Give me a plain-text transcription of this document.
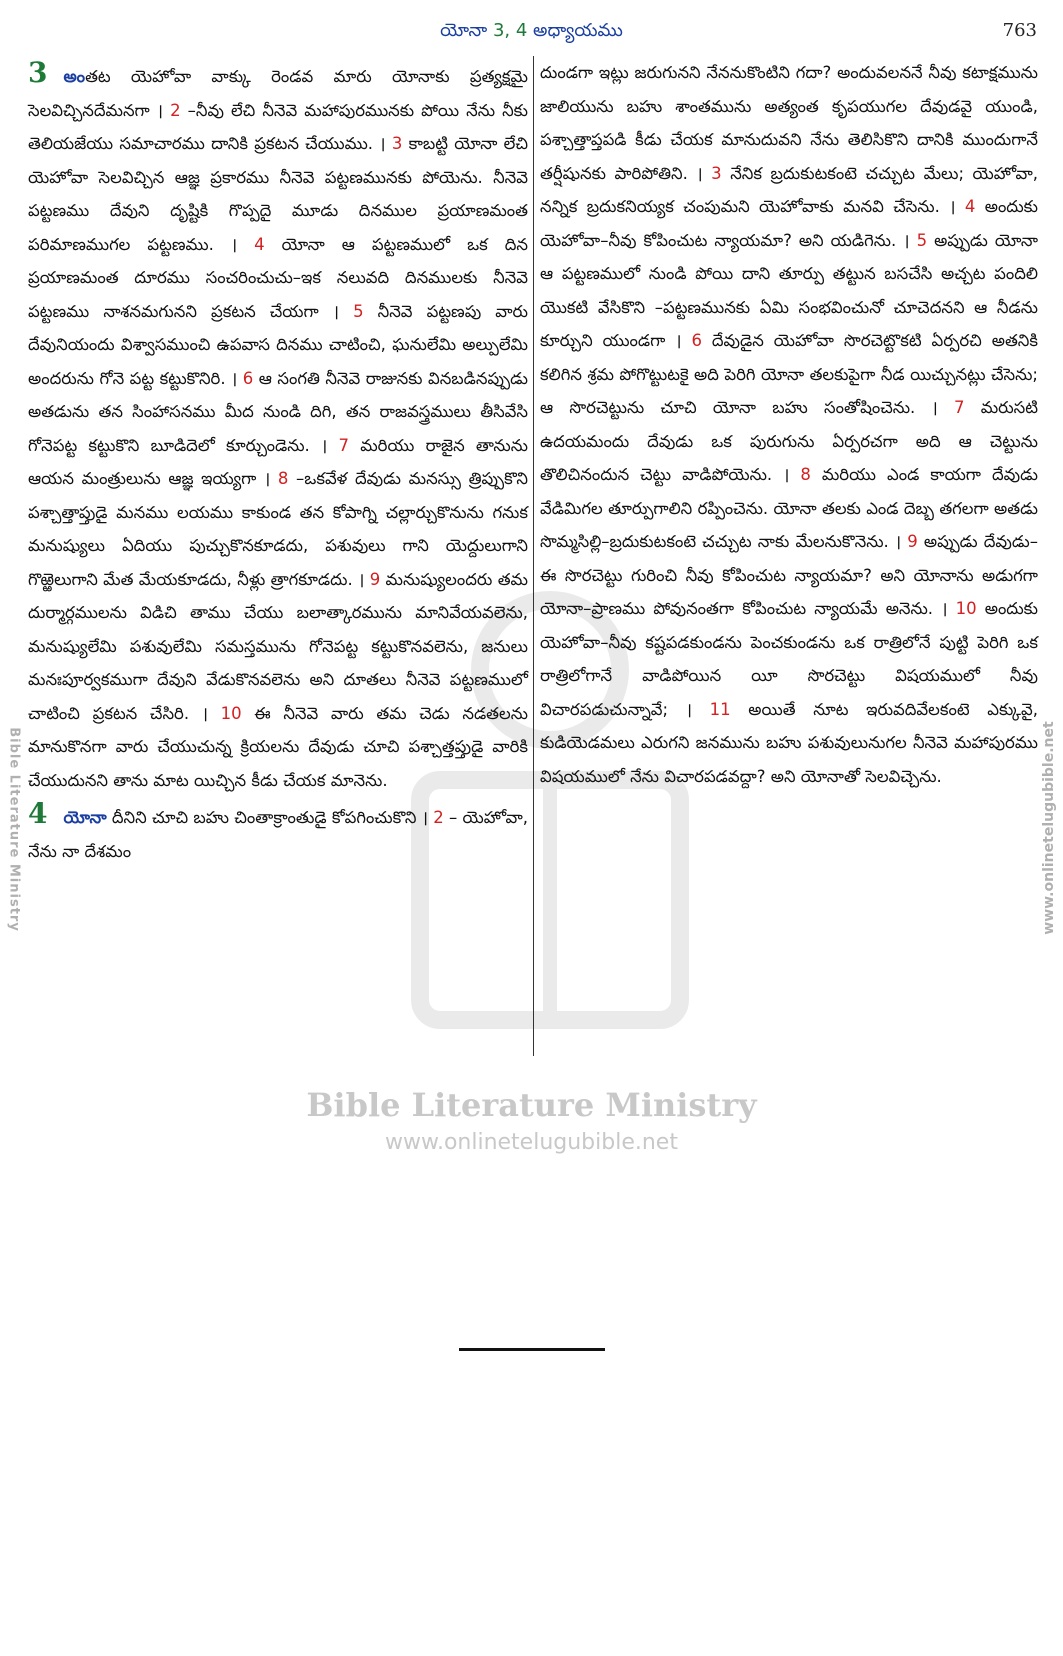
యోనా 3, 4 అధ్యాయము	763
3 అంతట యెహోవా వాక్కు రెండవ మారు యోనాకు ప్రత్యక్షమై సెలవిచ్చినదేమనగా । 2 –నీవు లేచి నీనెవె మహాపురమునకు పోయి నేను నీకు తెలియజేయు సమాచారము దానికి ప్రకటన చేయుము. । 3 కాబట్టి యోనా లేచి యెహోవా సెలవిచ్చిన ఆజ్ఞ ప్రకారము నీనెవె పట్టణమునకు పోయెను. నీనెవె పట్టణము దేవుని దృష్టికి గొప్పదై మూడు దినముల ప్రయాణమంత పరిమాణముగల పట్టణము. । 4 యోనా ఆ పట్టణములో ఒక దిన ప్రయాణమంత దూరము సంచరించుచు–ఇక నలువది దినములకు నీనెవె పట్టణము నాశనమగునని ప్రకటన చేయగా । 5 నీనెవె పట్టణపు వారు దేవునియందు విశ్వాసముంచి ఉపవాస దినము చాటించి, ఘనులేమి అల్పులేమి అందరును గోనె పట్ట కట్టుకొనిరి. । 6 ఆ సంగతి నీనెవె రాజునకు వినబడినప్పుడు అతడును తన సింహాసనము మీద నుండి దిగి, తన రాజవస్త్రములు తీసివేసి గోనెపట్ట కట్టుకొని బూడిదెలో కూర్చుండెను. । 7 మరియు రాజైన తానును ఆయన మంత్రులును ఆజ్ఞ ఇయ్యగా । 8 –ఒకవేళ దేవుడు మనస్సు త్రిప్పుకొని పశ్చాత్తాప్తుడై మనము లయము కాకుండ తన కోపాగ్ని చల్లార్చుకొనును గనుక మనుష్యులు ఏదియు పుచ్చుకొనకూడదు, పశువులు గాని యెద్దులుగాని గొఱ్ఱెలుగాని మేత మేయకూడదు, నీళ్లు త్రాగకూడదు. । 9 మనుష్యులందరు తమ దుర్మార్గములను విడిచి తాము చేయు బలాత్కారమును మానివేయవలెను, మనుష్యులేమి పశువులేమి సమస్తమును గోనెపట్ట కట్టుకొనవలెను, జనులు మనఃపూర్వకముగా దేవుని వేడుకొనవలెను అని దూతలు నీనెవె పట్టణములో చాటించి ప్రకటన చేసిరి. । 10 ఈ నీనెవె వారు తమ చెడు నడతలను మానుకొనగా వారు చేయుచున్న క్రియలను దేవుడు చూచి పశ్చాత్తప్తుడై వారికి చేయుదునని తాను మాట యిచ్చిన కీడు చేయక మానెను.
4 యోనా దీనిని చూచి బహు చింతాక్రాంతుడై కోపగించుకొని । 2 – యెహోవా, నేను నా దేశమం
దుండగా ఇట్లు జరుగునని నేననుకొంటిని గదా? అందువలననే నీవు కటాక్షమును జాలియును బహు శాంతమును అత్యంత కృపయుగల దేవుడవై యుండి, పశ్చాత్తాప్తపడి కీడు చేయక మానుదువని నేను తెలిసికొని దానికి ముందుగానే తర్షీషునకు పారిపోతిని. । 3 నేనిక బ్రదుకుటకంటె చచ్చుట మేలు; యెహోవా, నన్నిక బ్రదుకనియ్యక చంపుమని యెహోవాకు మనవి చేసెను. । 4 అందుకు యెహోవా–నీవు కోపించుట న్యాయమా? అని యడిగెను. । 5 అప్పుడు యోనా ఆ పట్టణములో నుండి పోయి దాని తూర్పు తట్టున బసచేసి అచ్చట పందిలి యొకటి వేసికొని –పట్టణమునకు ఏమి సంభవించునో చూచెదనని ఆ నీడను కూర్చుని యుండగా । 6 దేవుడైన యెహోవా సొరచెట్టొకటి ఏర్పరచి అతనికి కలిగిన శ్రమ పోగొట్టుటకై అది పెరిగి యోనా తలకుపైగా నీడ యిచ్చునట్లు చేసెను; ఆ సొరచెట్టును చూచి యోనా బహు సంతోషించెను. । 7 మరుసటి ఉదయమందు దేవుడు ఒక పురుగును ఏర్పరచగా అది ఆ చెట్టును తొలిచినందున చెట్టు వాడిపోయెను. । 8 మరియు ఎండ కాయగా దేవుడు వేడిమిగల తూర్పుగాలిని రప్పించెను. యోనా తలకు ఎండ దెబ్బ తగలగా అతడు సొమ్మసిల్లి–బ్రదుకుటకంటె చచ్చుట నాకు మేలనుకొనెను. । 9 అప్పుడు దేవుడు–ఈ సొరచెట్టు గురించి నీవు కోపించుట న్యాయమా? అని యోనాను అడుగగా యోనా–ప్రాణము పోవునంతగా కోపించుట న్యాయమే అనెను. । 10 అందుకు యెహోవా–నీవు కష్టపడకుండను పెంచకుండను ఒక రాత్రిలోనే పుట్టి పెరిగి ఒక రాత్రిలోగానే వాడిపోయిన యీ సొరచెట్టు విషయములో నీవు విచారపడుచున్నావే; । 11 అయితే నూట ఇరువదివేలకంటె ఎక్కువై, కుడియెడమలు ఎరుగని జనమును బహు పశువులునుగల నీనెవె మహాపురము విషయములో నేను విచారపడవద్దా? అని యోనాతో సెలవిచ్చెను.
Bible Literature Ministry	www.onlinetelugubible.net
Bible Literature Ministry
www.onlinetelugubible.net
